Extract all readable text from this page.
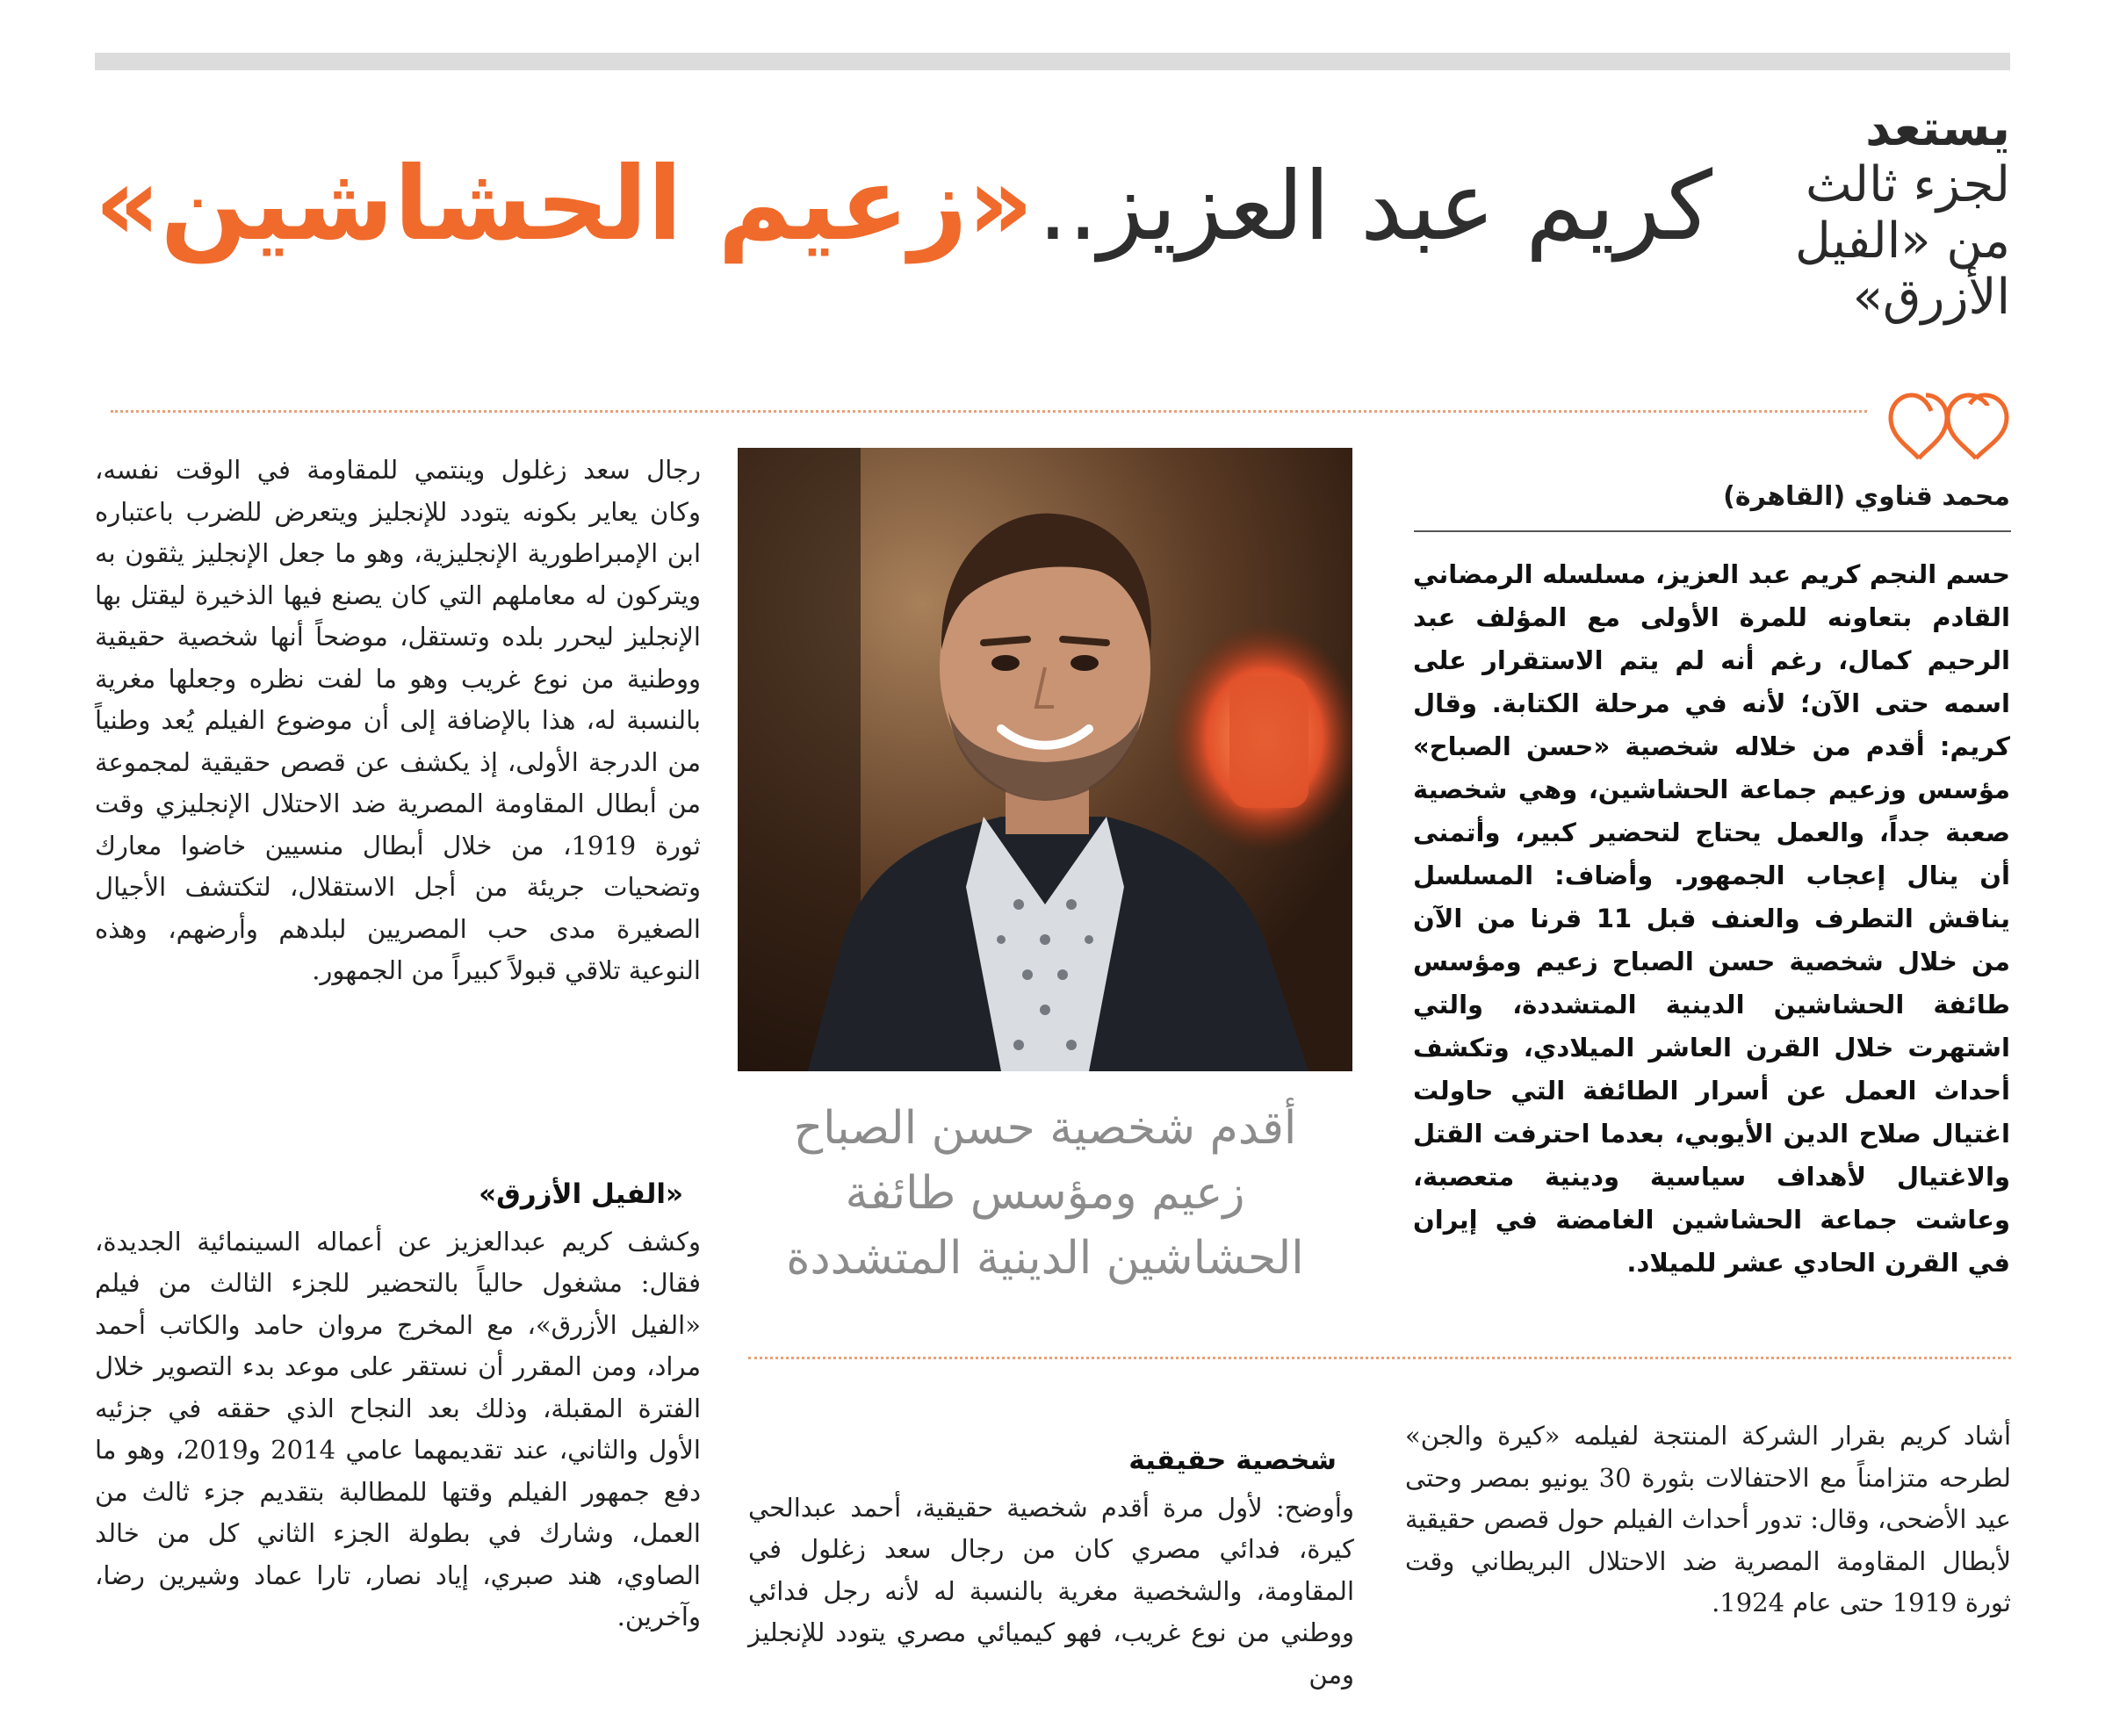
يستعد
لجزء ثالث
من «الفيل
الأزرق»
كريم عبد العزيز.. «زعيم الحشاشين»
محمد قناوي (القاهرة)

حسم النجم كريم عبد العزيز، مسلسله الرمضاني القادم بتعاونه للمرة الأولى مع المؤلف عبد الرحيم كمال، رغم أنه لم يتم الاستقرار على اسمه حتى الآن؛ لأنه في مرحلة الكتابة. وقال كريم: أقدم من خلاله شخصية «حسن الصباح» مؤسس وزعيم جماعة الحشاشين، وهي شخصية صعبة جداً، والعمل يحتاج لتحضير كبير، وأتمنى أن ينال إعجاب الجمهور. وأضاف: المسلسل يناقش التطرف والعنف قبل 11 قرنا من الآن من خلال شخصية حسن الصباح زعيم ومؤسس طائفة الحشاشين الدينية المتشددة، والتي اشتهرت خلال القرن العاشر الميلادي، وتكشف أحداث العمل عن أسرار الطائفة التي حاولت اغتيال صلاح الدين الأيوبي، بعدما احترفت القتل والاغتيال لأهداف سياسية ودينية متعصبة، وعاشت جماعة الحشاشين الغامضة في إيران في القرن الحادي عشر للميلاد.

رجال سعد زغلول وينتمي للمقاومة في الوقت نفسه، وكان يعاير بكونه يتودد للإنجليز ويتعرض للضرب باعتباره ابن الإمبراطورية الإنجليزية، وهو ما جعل الإنجليز يثقون به ويتركون له معاملهم التي كان يصنع فيها الذخيرة ليقتل بها الإنجليز ليحرر بلده وتستقل، موضحاً أنها شخصية حقيقية ووطنية من نوع غريب وهو ما لفت نظره وجعلها مغرية بالنسبة له، هذا بالإضافة إلى أن موضوع الفيلم يُعد وطنياً من الدرجة الأولى، إذ يكشف عن قصص حقيقية لمجموعة من أبطال المقاومة المصرية ضد الاحتلال الإنجليزي وقت ثورة 1919، من خلال أبطال منسيين خاضوا معارك وتضحيات جريئة من أجل الاستقلال، لتكتشف الأجيال الصغيرة مدى حب المصريين لبلدهم وأرضهم، وهذه النوعية تلاقي قبولاً كبيراً من الجمهور.

«الفيل الأزرق»

وكشف كريم عبدالعزيز عن أعماله السينمائية الجديدة، فقال: مشغول حالياً بالتحضير للجزء الثالث من فيلم «الفيل الأزرق»، مع المخرج مروان حامد والكاتب أحمد مراد، ومن المقرر أن نستقر على موعد بدء التصوير خلال الفترة المقبلة، وذلك بعد النجاح الذي حققه في جزئيه الأول والثاني، عند تقديمهما عامي 2014 و2019، وهو ما دفع جمهور الفيلم وقتها للمطالبة بتقديم جزء ثالث من العمل، وشارك في بطولة الجزء الثاني كل من خالد الصاوي، هند صبري، إياد نصار، تارا عماد وشيرين رضا، وآخرين.

أقدم شخصية حسن الصباح
زعيم ومؤسس طائفة
الحشاشين الدينية المتشددة
شخصية حقيقية

وأوضح: لأول مرة أقدم شخصية حقيقية، أحمد عبدالحي كيرة، فدائي مصري كان من رجال سعد زغلول في المقاومة، والشخصية مغرية بالنسبة له لأنه رجل فدائي ووطني من نوع غريب، فهو كيميائي مصري يتودد للإنجليز ومن

أشاد كريم بقرار الشركة المنتجة لفيلمه «كيرة والجن» لطرحه متزامناً مع الاحتفالات بثورة 30 يونيو بمصر وحتى عيد الأضحى، وقال: تدور أحداث الفيلم حول قصص حقيقية لأبطال المقاومة المصرية ضد الاحتلال البريطاني وقت ثورة 1919 حتى عام 1924.
